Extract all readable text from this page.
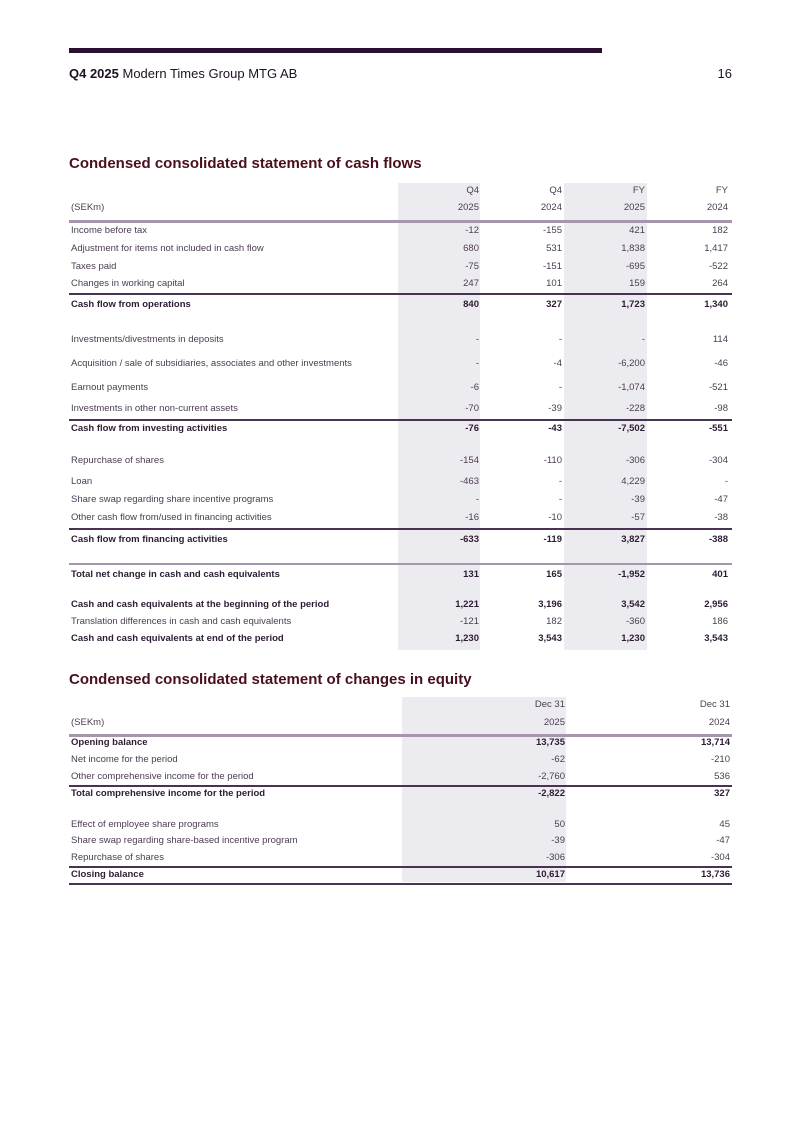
Q4 2025 Modern Times Group MTG AB	16
Condensed consolidated statement of cash flows
Q4	Q4	FY	FY
(SEKm)	2025	2024	2025	2024
Income before tax	-12	-155	421	182
Adjustment for items not included in cash flow	680	531	1,838	1,417
Taxes paid	-75	-151	-695	-522
Changes in working capital	247	101	159	264
Cash flow from operations	840	327	1,723	1,340
Investments/divestments in deposits	-	-	-	114
Acquisition / sale of subsidiaries, associates and other investments	-	-4	-6,200	-46
Earnout payments	-6	-	-1,074	-521
Investments in other non-current assets	-70	-39	-228	-98
Cash flow from investing activities	-76	-43	-7,502	-551
Repurchase of shares	-154	-110	-306	-304
Loan	-463	-	4,229	-
Share swap regarding share incentive programs	-	-	-39	-47
Other cash flow from/used in financing activities	-16	-10	-57	-38
Cash flow from financing activities	-633	-119	3,827	-388
Total net change in cash and cash equivalents	131	165	-1,952	401
Cash and cash equivalents at the beginning of the period	1,221	3,196	3,542	2,956
Translation differences in cash and cash equivalents	-121	182	-360	186
Cash and cash equivalents at end of the period	1,230	3,543	1,230	3,543
Condensed consolidated statement of changes in equity
Dec 31	Dec 31
(SEKm)	2025	2024
Opening balance	13,735	13,714
Net income for the period	-62	-210
Other comprehensive income for the period	-2,760	536
Total comprehensive income for the period	-2,822	327
Effect of employee share programs	50	45
Share swap regarding share-based incentive program	-39	-47
Repurchase of shares	-306	-304
Closing balance	10,617	13,736
